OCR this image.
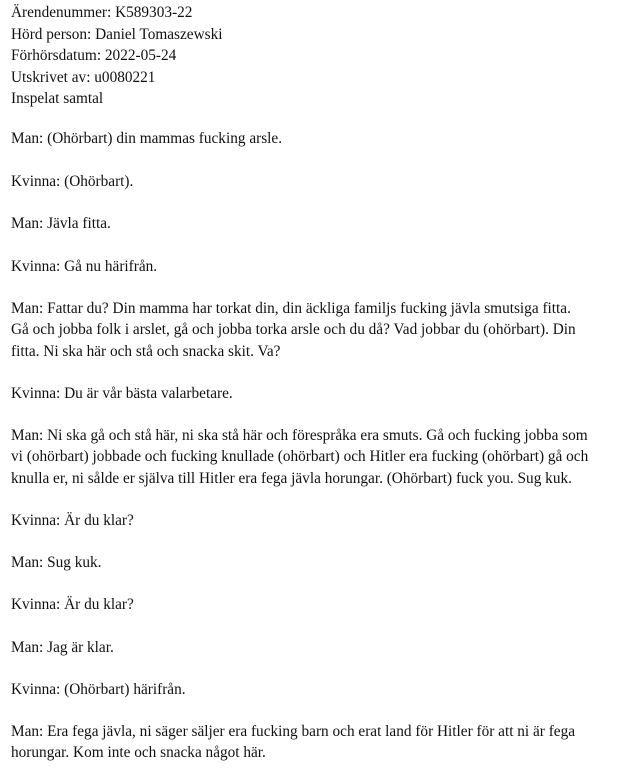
Ärendenummer: K589303-22
Hörd person: Daniel Tomaszewski
Förhörsdatum: 2022-05-24
Utskrivet av: u0080221
Inspelat samtal
Man: (Ohörbart) din mammas fucking arsle.
Kvinna: (Ohörbart).
Man: Jävla fitta.
Kvinna: Gå nu härifrån.
Man: Fattar du? Din mamma har torkat din, din äckliga familjs fucking jävla smutsiga fitta.
Gå och jobba folk i arslet, gå och jobba torka arsle och du då? Vad jobbar du (ohörbart). Din
fitta. Ni ska här och stå och snacka skit. Va?
Kvinna: Du är vår bästa valarbetare.
Man: Ni ska gå och stå här, ni ska stå här och förespråka era smuts. Gå och fucking jobba som
vi (ohörbart) jobbade och fucking knullade (ohörbart) och Hitler era fucking (ohörbart) gå och
knulla er, ni sålde er själva till Hitler era fega jävla horungar. (Ohörbart) fuck you. Sug kuk.
Kvinna: Är du klar?
Man: Sug kuk.
Kvinna: Är du klar?
Man: Jag är klar.
Kvinna: (Ohörbart) härifrån.
Man: Era fega jävla, ni säger säljer era fucking barn och erat land för Hitler för att ni är fega
horungar. Kom inte och snacka något här.
